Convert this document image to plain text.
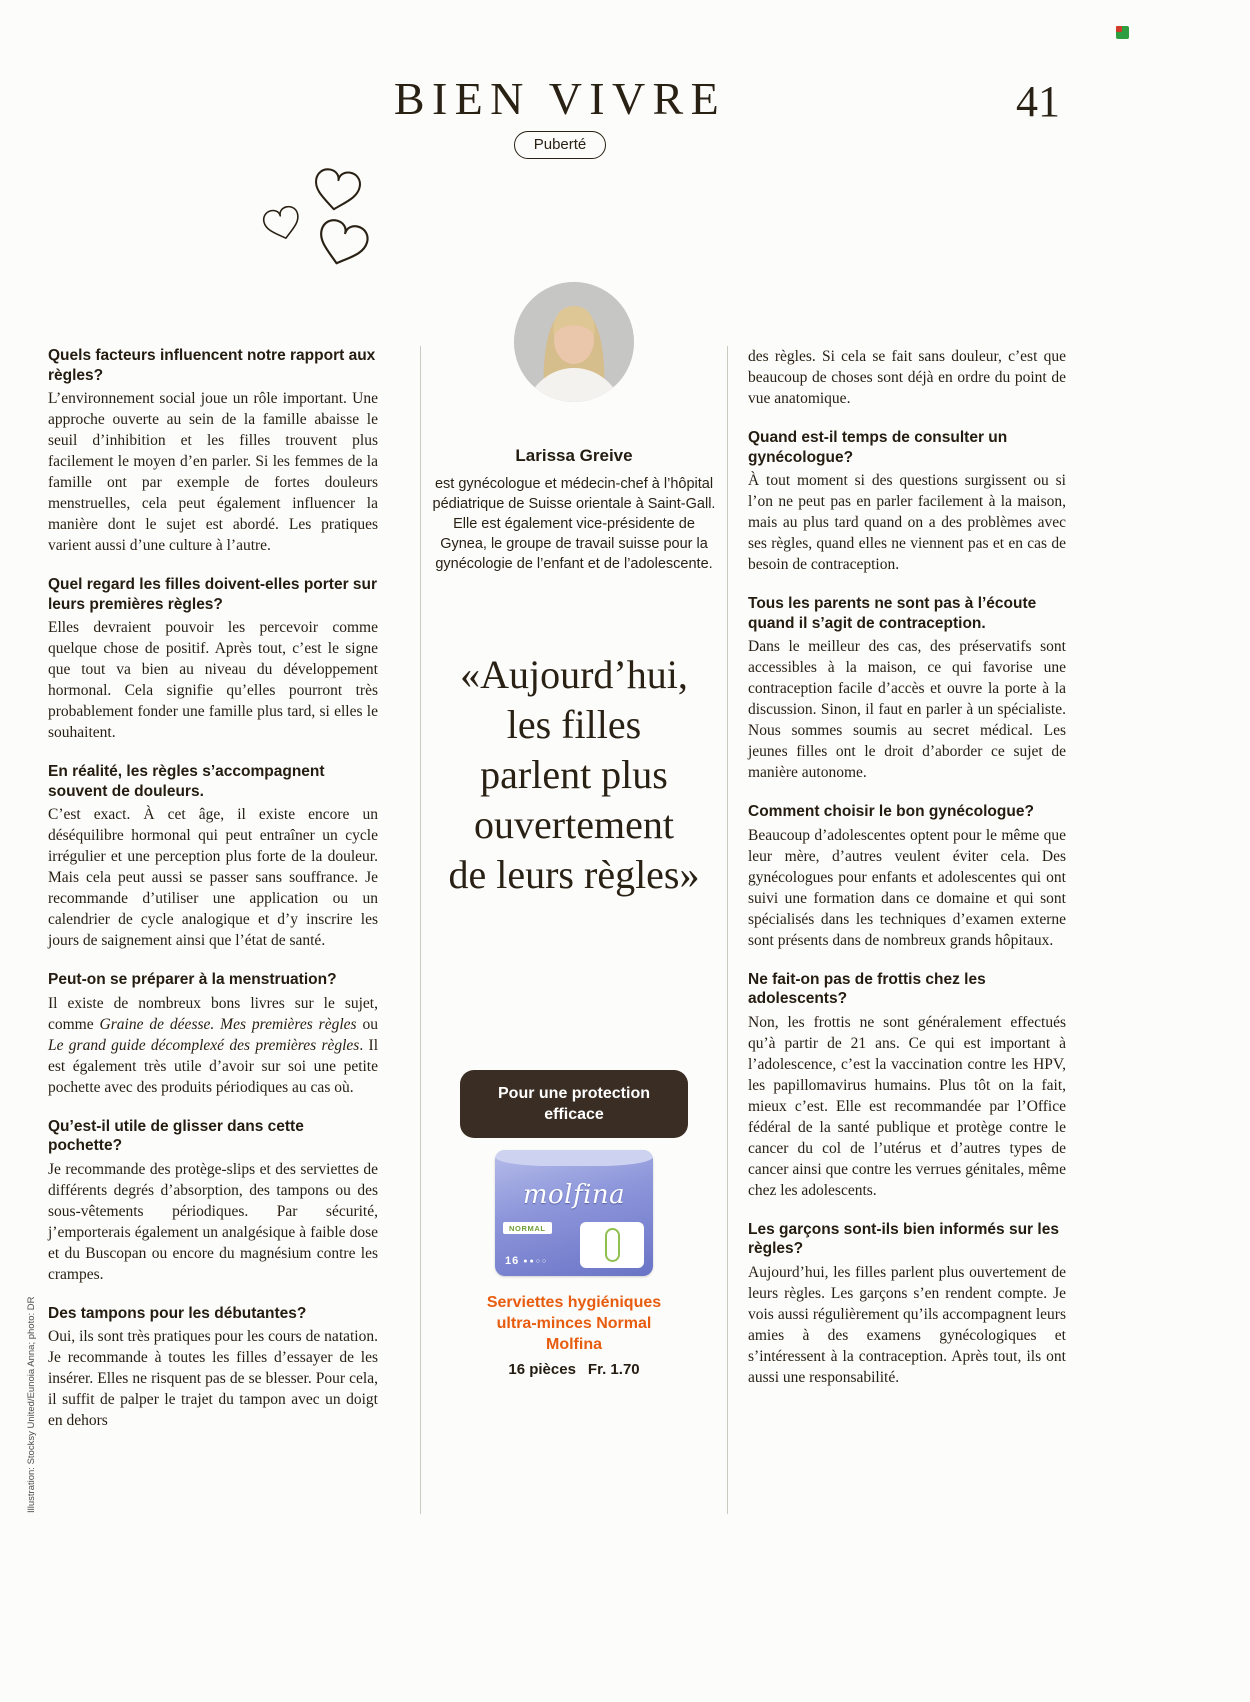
BIEN VIVRE	41
Puberté
Quels facteurs influencent notre rapport aux règles?

L’environnement social joue un rôle important. Une approche ouverte au sein de la famille abaisse le seuil d’inhibition et les filles trouvent plus facilement le moyen d’en parler. Si les femmes de la famille ont par exemple de fortes douleurs menstruelles, cela peut également influencer la manière dont le sujet est abordé. Les pratiques varient aussi d’une culture à l’autre.

Quel regard les filles doivent-elles porter sur leurs premières règles?

Elles devraient pouvoir les percevoir comme quelque chose de positif. Après tout, c’est le signe que tout va bien au niveau du développement hormonal. Cela signifie qu’elles pourront très probablement fonder une famille plus tard, si elles le souhaitent.

En réalité, les règles s’accompagnent souvent de douleurs.

C’est exact. À cet âge, il existe encore un déséquilibre hormonal qui peut entraîner un cycle irrégulier et une perception plus forte de la douleur. Mais cela peut aussi se passer sans souffrance. Je recommande d’utiliser une application ou un calendrier de cycle analogique et d’y inscrire les jours de saignement ainsi que l’état de santé.

Peut-on se préparer à la menstruation?

Il existe de nombreux bons livres sur le sujet, comme Graine de déesse. Mes premières règles ou Le grand guide décomplexé des premières règles. Il est également très utile d’avoir sur soi une petite pochette avec des produits périodiques au cas où.

Qu’est-il utile de glisser dans cette pochette?

Je recommande des protège-slips et des serviettes de différents degrés d’absorption, des tampons ou des sous-vêtements périodiques. Par sécurité, j’emporterais également un analgésique à faible dose et du Buscopan ou encore du magnésium contre les crampes.

Des tampons pour les débutantes?

Oui, ils sont très pratiques pour les cours de natation. Je recommande à toutes les filles d’essayer de les insérer. Elles ne risquent pas de se blesser. Pour cela, il suffit de palper le trajet du tampon avec un doigt en dehors

Larissa Greive
est gynécologue et médecin-chef à l’hôpital pédiatrique de Suisse orientale à Saint-Gall. Elle est également vice-présidente de Gynea, le groupe de travail suisse pour la gynécologie de l’enfant et de l’adolescente.
«Aujourd’hui,
les filles
parlent plus
ouvertement
de leurs règles»
Pour une protection
efficace
molfina
NORMAL
16 ●●○○
Serviettes hygiéniques
ultra-minces Normal
Molfina
16 pièces Fr. 1.70

des règles. Si cela se fait sans douleur, c’est que beaucoup de choses sont déjà en ordre du point de vue anatomique.

Quand est-il temps de consulter un gynécologue?

À tout moment si des questions surgissent ou si l’on ne peut pas en parler facilement à la maison, mais au plus tard quand on a des problèmes avec ses règles, quand elles ne viennent pas et en cas de besoin de contraception.

Tous les parents ne sont pas à l’écoute quand il s’agit de contraception.

Dans le meilleur des cas, des préservatifs sont accessibles à la maison, ce qui favorise une contraception facile d’accès et ouvre la porte à la discussion. Sinon, il faut en parler à un spécialiste. Nous sommes soumis au secret médical. Les jeunes filles ont le droit d’aborder ce sujet de manière autonome.

Comment choisir le bon gynécologue?

Beaucoup d’adolescentes optent pour le même que leur mère, d’autres veulent éviter cela. Des gynécologues pour enfants et adolescentes qui ont suivi une formation dans ce domaine et qui sont spécialisés dans les techniques d’examen externe sont présents dans de nombreux grands hôpitaux.

Ne fait-on pas de frottis chez les adolescents?

Non, les frottis ne sont généralement effectués qu’à partir de 21 ans. Ce qui est important à l’adolescence, c’est la vaccination contre les HPV, les papillomavirus humains. Plus tôt on la fait, mieux c’est. Elle est recommandée par l’Office fédéral de la santé publique et protège contre le cancer du col de l’utérus et d’autres types de cancer ainsi que contre les verrues génitales, même chez les adolescents.

Les garçons sont-ils bien informés sur les règles?

Aujourd’hui, les filles parlent plus ouvertement de leurs règles. Les garçons s’en rendent compte. Je vois aussi régulièrement qu’ils accompagnent leurs amies à des examens gynécologiques et s’intéressent à la contraception. Après tout, ils ont aussi une responsabilité.

Illustration: Stocksy United/Eunoia Anna; photo: DR
